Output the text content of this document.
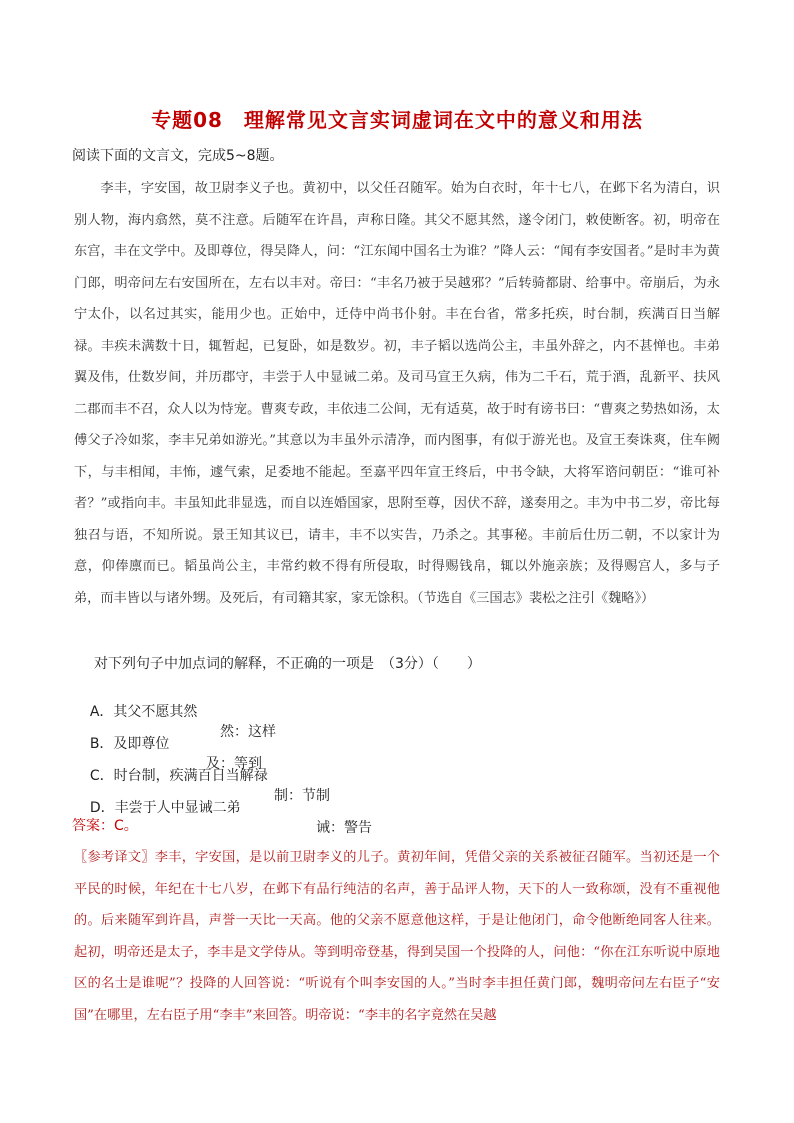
专题08　理解常见文言实词虚词在文中的意义和用法
阅读下面的文言文，完成5~8题。

李丰，字安国，故卫尉李义子也。黄初中，以父任召随军。始为白衣时，年十七八，在邺下名为清白，识别人物，海内翕然，莫不注意。后随军在许昌，声称日隆。其父不愿其然，遂令闭门，敕使断客。初，明帝在东宫，丰在文学中。及即尊位，得吴降人，问：“江东闻中国名士为谁？”降人云：“闻有李安国者。”是时丰为黄门郎，明帝问左右安国所在，左右以丰对。帝曰：“丰名乃被于吴越邪？”后转骑都尉、给事中。帝崩后，为永宁太仆，以名过其实，能用少也。正始中，迁侍中尚书仆射。丰在台省，常多托疾，时台制，疾满百日当解禄。丰疾未满数十日，辄暂起，已复卧，如是数岁。初，丰子韬以选尚公主，丰虽外辞之，内不甚惮也。丰弟翼及伟，仕数岁间，并历郡守，丰尝于人中显诫二弟。及司马宣王久病，伟为二千石，荒于酒，乱新平、扶风二郡而丰不召，众人以为恃宠。曹爽专政，丰依违二公间，无有适莫，故于时有谤书曰：“曹爽之势热如汤，太傅父子冷如浆，李丰兄弟如游光。”其意以为丰虽外示清净，而内图事，有似于游光也。及宣王奏诛爽，住车阙下，与丰相闻，丰怖，遽气索，足委地不能起。至嘉平四年宣王终后，中书令缺，大将军谘问朝臣：“谁可补者？”或指向丰。丰虽知此非显选，而自以连婚国家，思附至尊，因伏不辞，遂奏用之。丰为中书二岁，帝比每独召与语，不知所说。景王知其议已，请丰，丰不以实告，乃杀之。其事秘。丰前后仕历二朝，不以家计为意，仰俸廪而已。韬虽尚公主，丰常约敕不得有所侵取，时得赐钱帛，辄以外施亲族；及得赐宫人，多与子弟，而丰皆以与诸外甥。及死后，有司籍其家，家无馀积。（节选自《三国志》裴松之注引《魏略》）

对下列句子中加点词的解释，不正确的一项是　（3分）（　　）

A．其父不愿其然

然：这样

B．及即尊位

及：等到

C．时台制，疾满百日当解禄

制：节制

D．丰尝于人中显诫二弟

诫：警告

答案：C。

〖参考译文〗李丰，字安国，是以前卫尉李义的儿子。黄初年间，凭借父亲的关系被征召随军。当初还是一个平民的时候，年纪在十七八岁，在邺下有品行纯洁的名声，善于品评人物，天下的人一致称颂，没有不重视他的。后来随军到许昌，声誉一天比一天高。他的父亲不愿意他这样，于是让他闭门，命令他断绝同客人往来。起初，明帝还是太子，李丰是文学侍从。等到明帝登基，得到吴国一个投降的人，问他：“你在江东听说中原地区的名士是谁呢”？投降的人回答说：“听说有个叫李安国的人。”当时李丰担任黄门郎，魏明帝问左右臣子“安国”在哪里，左右臣子用“李丰”来回答。明帝说：“李丰的名字竟然在吴越
